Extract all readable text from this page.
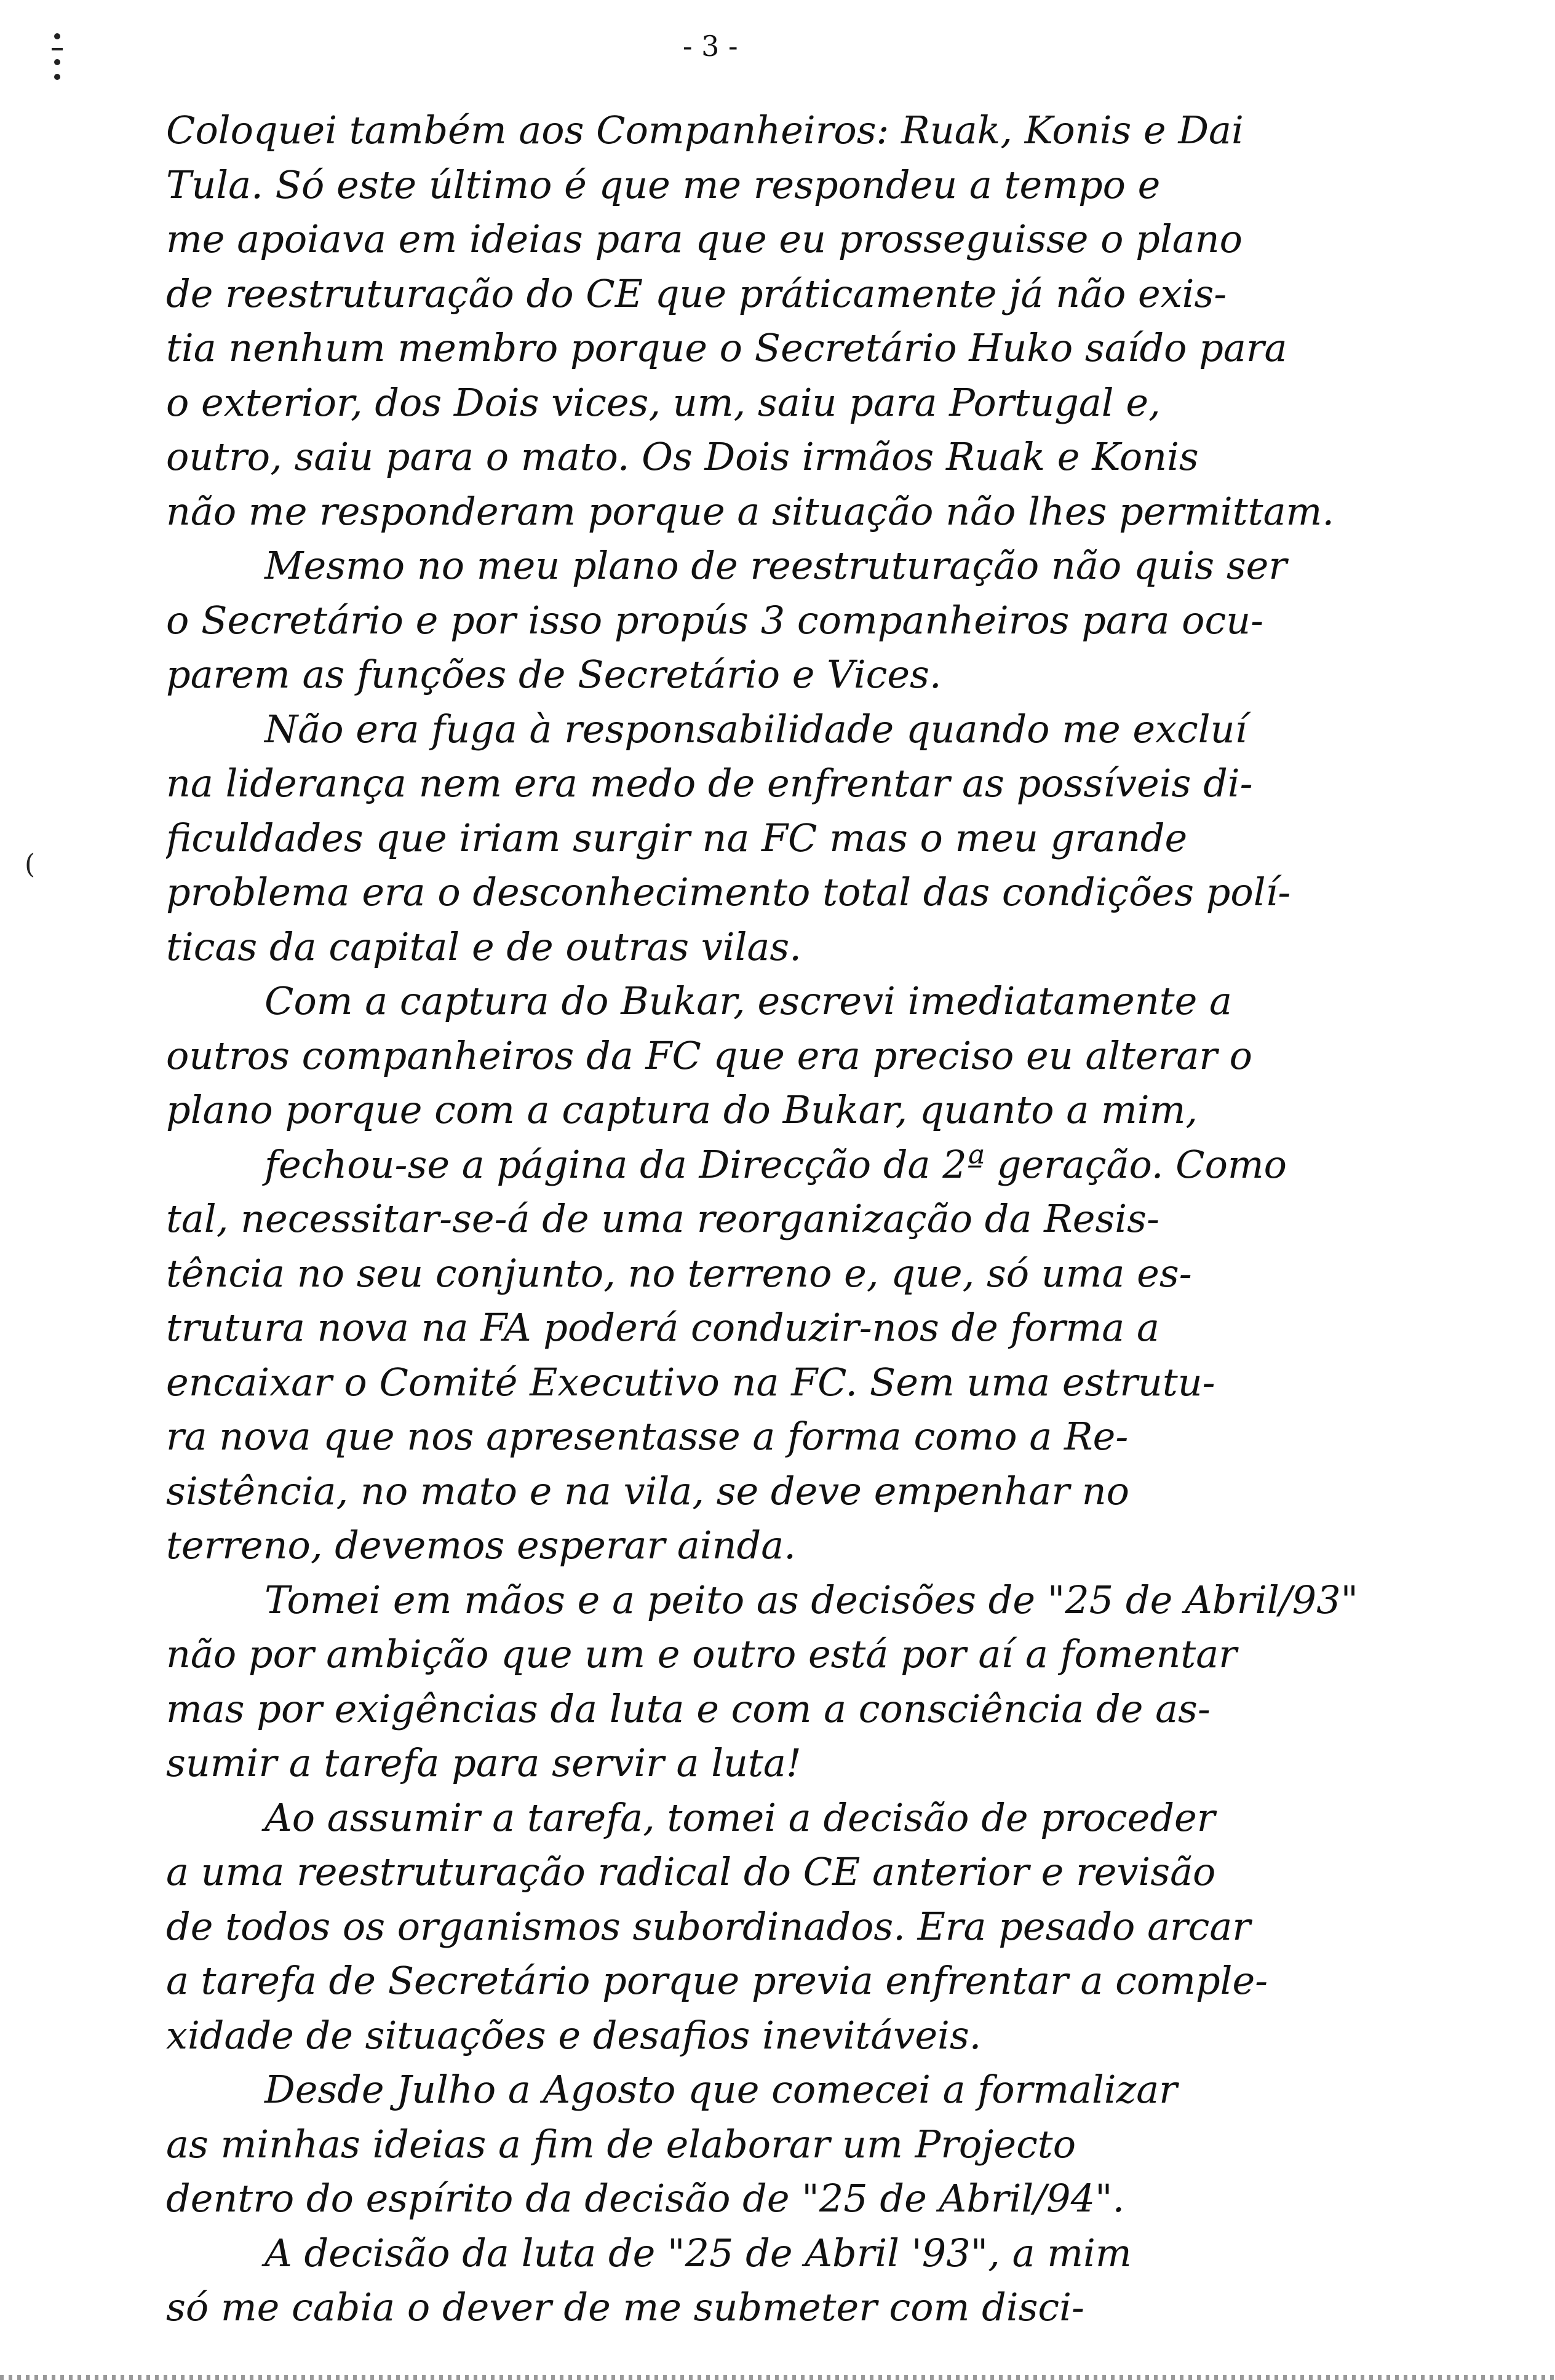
- 3 -
(
Coloquei também aos Companheiros: Ruak, Konis e Dai
Tula. Só este último é que me respondeu a tempo e
me apoiava em ideias para que eu prosseguisse o plano
de reestruturação do CE que práticamente já não exis-
tia nenhum membro porque o Secretário Huko saído para
o exterior, dos Dois vices, um, saiu para Portugal e,
outro, saiu para o mato. Os Dois irmãos Ruak e Konis
não me responderam porque a situação não lhes permittam.
Mesmo no meu plano de reestruturação não quis ser
o Secretário e por isso propús 3 companheiros para ocu-
parem as funções de Secretário e Vices.
Não era fuga à responsabilidade quando me excluí
na liderança nem era medo de enfrentar as possíveis di-
ficuldades que iriam surgir na FC mas o meu grande
problema era o desconhecimento total das condições polí-
ticas da capital e de outras vilas.
Com a captura do Bukar, escrevi imediatamente a
outros companheiros da FC que era preciso eu alterar o
plano porque com a captura do Bukar, quanto a mim,
fechou-se a página da Direcção da 2ª geração. Como
tal, necessitar-se-á de uma reorganização da Resis-
tência no seu conjunto, no terreno e, que, só uma es-
trutura nova na FA poderá conduzir-nos de forma a
encaixar o Comité Executivo na FC. Sem uma estrutu-
ra nova que nos apresentasse a forma como a Re-
sistência, no mato e na vila, se deve empenhar no
terreno, devemos esperar ainda.
Tomei em mãos e a peito as decisões de "25 de Abril/93"
não por ambição que um e outro está por aí a fomentar
mas por exigências da luta e com a consciência de as-
sumir a tarefa para servir a luta!
Ao assumir a tarefa, tomei a decisão de proceder
a uma reestruturação radical do CE anterior e revisão
de todos os organismos subordinados. Era pesado arcar
a tarefa de Secretário porque previa enfrentar a comple-
xidade de situações e desafios inevitáveis.
Desde Julho a Agosto que comecei a formalizar
as minhas ideias a fim de elaborar um Projecto
dentro do espírito da decisão de "25 de Abril/94".
A decisão da luta de "25 de Abril '93", a mim
só me cabia o dever de me submeter com disci-
